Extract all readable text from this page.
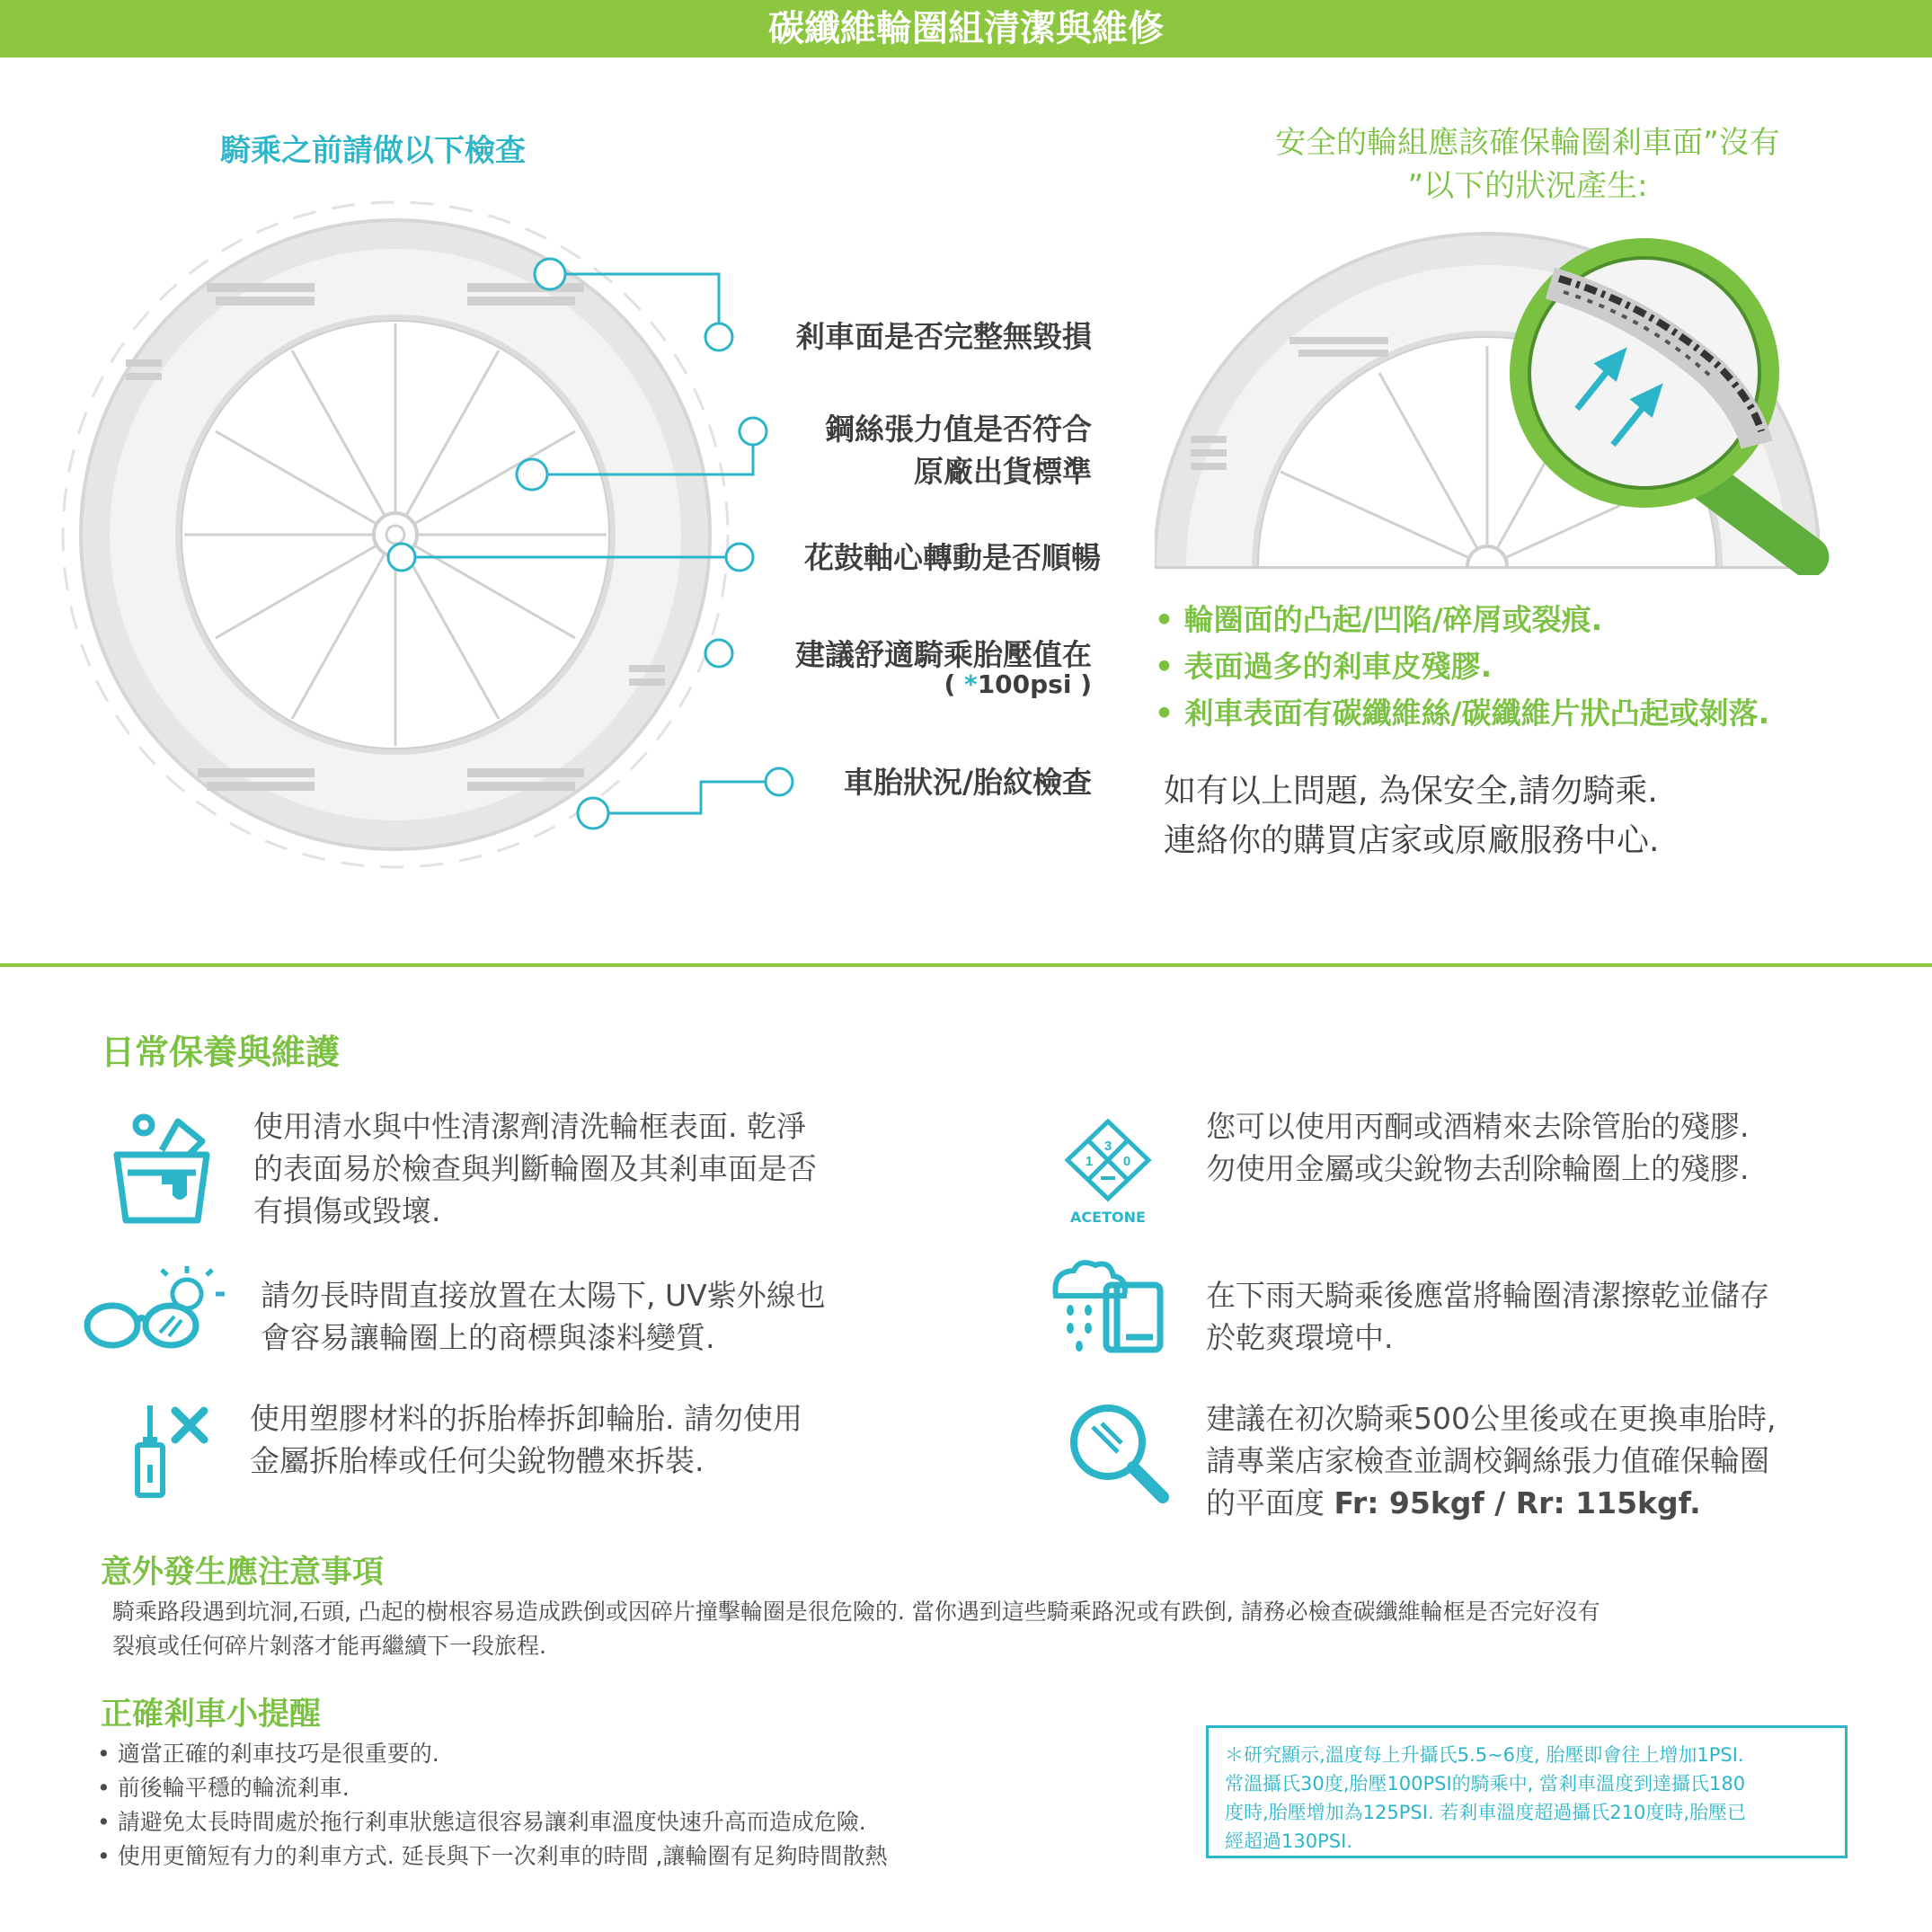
碳纖維輪圈組清潔與維修
騎乘之前請做以下檢查
剎車面是否完整無毀損
鋼絲張力值是否符合
原廠出貨標準
花鼓軸心轉動是否順暢
建議舒適騎乘胎壓值在
( *100psi )
車胎狀況/胎紋檢查
安全的輪組應該確保輪圈剎車面”沒有
”以下的狀況產生:
• 輪圈面的凸起/凹陷/碎屑或裂痕.
• 表面過多的剎車皮殘膠.
• 剎車表面有碳纖維絲/碳纖維片狀凸起或剝落.
如有以上問題, 為保安全,請勿騎乘.
連絡你的購買店家或原廠服務中心.
日常保養與維護
使用清水與中性清潔劑清洗輪框表面. 乾淨
的表面易於檢查與判斷輪圈及其剎車面是否
有損傷或毀壞.
3
1 0
ACETONE
您可以使用丙酮或酒精來去除管胎的殘膠.
勿使用金屬或尖銳物去刮除輪圈上的殘膠.
請勿長時間直接放置在太陽下, UV紫外線也
會容易讓輪圈上的商標與漆料變質.
在下雨天騎乘後應當將輪圈清潔擦乾並儲存
於乾爽環境中.
使用塑膠材料的拆胎棒拆卸輪胎. 請勿使用
金屬拆胎棒或任何尖銳物體來拆裝.
建議在初次騎乘500公里後或在更換車胎時,
請專業店家檢查並調校鋼絲張力值確保輪圈
的平面度 Fr: 95kgf / Rr: 115kgf.
意外發生應注意事項
騎乘路段遇到坑洞,石頭, 凸起的樹根容易造成跌倒或因碎片撞擊輪圈是很危險的. 當你遇到這些騎乘路況或有跌倒, 請務必檢查碳纖維輪框是否完好沒有
裂痕或任何碎片剝落才能再繼續下一段旅程.
正確剎車小提醒
• 適當正確的剎車技巧是很重要的.
• 前後輪平穩的輪流剎車.
• 請避免太長時間處於拖行剎車狀態這很容易讓剎車溫度快速升高而造成危險.
• 使用更簡短有力的剎車方式. 延長與下一次剎車的時間 ,讓輪圈有足夠時間散熱
＊研究顯示,溫度每上升攝氏5.5~6度, 胎壓即會往上增加1PSI.
常溫攝氏30度,胎壓100PSI的騎乘中, 當剎車溫度到達攝氏180
度時,胎壓增加為125PSI. 若剎車溫度超過攝氏210度時,胎壓已
經超過130PSI.
